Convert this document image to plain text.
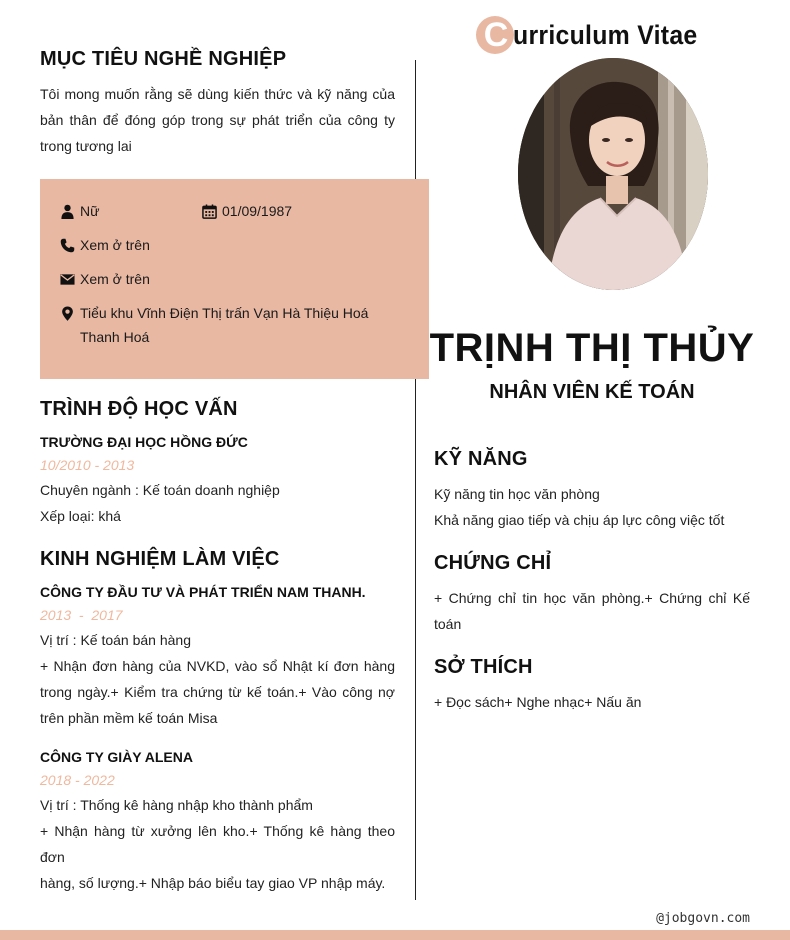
MỤC TIÊU NGHỀ NGHIỆP
Tôi mong muốn rằng sẽ dùng kiến thức và kỹ năng của
bản thân để đóng góp trong sự phát triển của công ty
trong tương lai
Nữ	01/09/1987
Xem ở trên
Xem ở trên
Tiểu khu Vĩnh Điện Thị trấn Vạn Hà Thiệu Hoá
Thanh Hoá
TRÌNH ĐỘ HỌC VẤN
TRƯỜNG ĐẠI HỌC HỒNG ĐỨC
10/2010 - 2013
Chuyên ngành : Kế toán doanh nghiệp
Xếp loại: khá
KINH NGHIỆM LÀM VIỆC
CÔNG TY ĐẦU TƯ VÀ PHÁT TRIỂN NAM THANH.
2013  -  2017
Vị trí : Kế toán bán hàng
+ Nhận đơn hàng của NVKD, vào sổ Nhật kí đơn hàng
trong ngày.+ Kiểm tra chứng từ kế toán.+ Vào công nợ
trên phần mềm kế toán Misa
CÔNG TY GIÀY ALENA
2018 - 2022
Vị trí : Thống kê hàng nhập kho thành phẩm
+ Nhận hàng từ xưởng lên kho.+ Thống kê hàng theo đơn
hàng, số lượng.+ Nhập báo biểu tay giao VP nhập máy.
C urriculum Vitae
TRỊNH THỊ THỦY
NHÂN VIÊN KẾ TOÁN
KỸ NĂNG
Kỹ năng tin học văn phòng
Khả năng giao tiếp và chịu áp lực công việc tốt
CHỨNG CHỈ
+ Chứng chỉ tin học văn phòng.+ Chứng chỉ Kế
toán
SỞ THÍCH
+ Đọc sách+ Nghe nhạc+ Nấu ăn
@jobgovn.com
